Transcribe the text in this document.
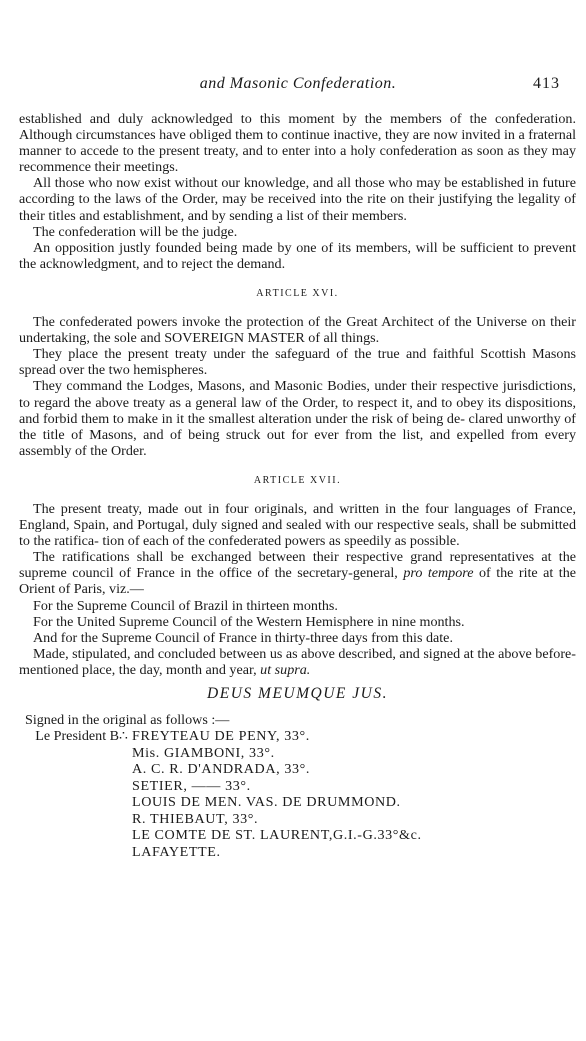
and Masonic Confederation.	413

established and duly acknowledged to this moment by the members of the confederation. Although circumstances have obliged them to continue inactive, they are now invited in a fraternal manner to accede to the present treaty, and to enter into a holy confederation as soon as they may recommence their meetings.

All those who now exist without our knowledge, and all those who may be established in future according to the laws of the Order, may be received into the rite on their justifying the legality of their titles and establishment, and by sending a list of their members.

The confederation will be the judge.

An opposition justly founded being made by one of its members, will be sufficient to prevent the acknowledgment, and to reject the demand.

ARTICLE XVI.

The confederated powers invoke the protection of the Great Architect of the Universe on their undertaking, the sole and SOVEREIGN MASTER of all things.

They place the present treaty under the safeguard of the true and faithful Scottish Masons spread over the two hemispheres.

They command the Lodges, Masons, and Masonic Bodies, under their respective jurisdictions, to regard the above treaty as a general law of the Order, to respect it, and to obey its dispositions, and forbid them to make in it the smallest alteration under the risk of being de- clared unworthy of the title of Masons, and of being struck out for ever from the list, and expelled from every assembly of the Order.

ARTICLE XVII.

The present treaty, made out in four originals, and written in the four languages of France, England, Spain, and Portugal, duly signed and sealed with our respective seals, shall be submitted to the ratifica- tion of each of the confederated powers as speedily as possible.

The ratifications shall be exchanged between their respective grand representatives at the supreme council of France in the office of the secretary-general, pro tempore of the rite at the Orient of Paris, viz.—

For the Supreme Council of Brazil in thirteen months.

For the United Supreme Council of the Western Hemisphere in nine months.

And for the Supreme Council of France in thirty-three days from this date.

Made, stipulated, and concluded between us as above described, and signed at the above before-mentioned place, the day, month and year, ut supra.

DEUS MEUMQUE JUS.

Signed in the original as follows :—

Le President B∴ FREYTEAU DE PENY, 33°.
Mis. GIAMBONI, 33°.
A. C. R. D'ANDRADA, 33°.
SETIER, —— 33°.
LOUIS DE MEN. VAS. DE DRUMMOND.
R. THIEBAUT, 33°.
LE COMTE DE ST. LAURENT,G.I.-G.33°&c.
LAFAYETTE.
